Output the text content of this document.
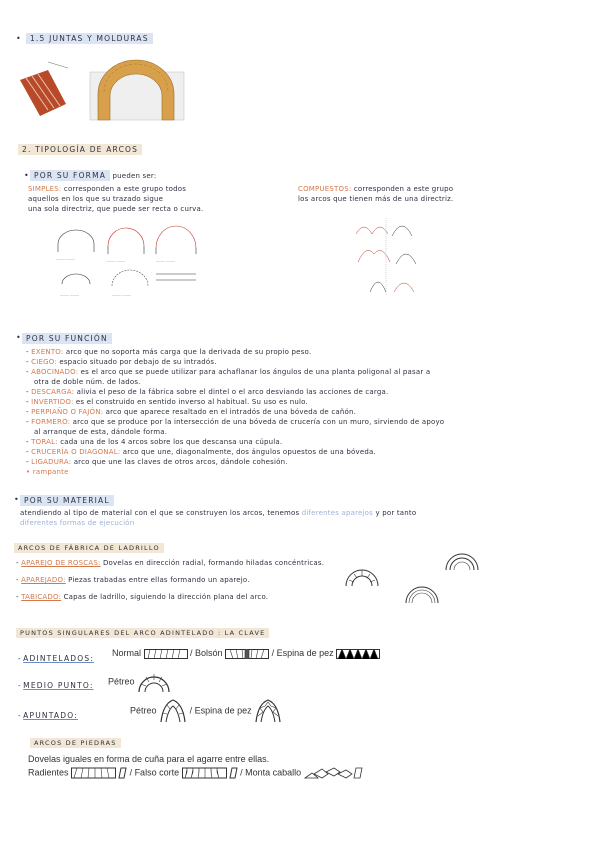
•	1.5 JUNTAS Y MOLDURAS
2. TIPOLOGÍA DE ARCOS
• POR SU FORMA pueden ser:
SIMPLES: corresponden a este grupo todos
aquellos en los que su trazado sigue
una sola directriz, que puede ser recta o curva.
COMPUESTOS: corresponden a este grupo
los arcos que tienen más de una directriz.
——— ———	——— ———	——— ———
——— ———	——— ———
• POR SU FUNCIÓN
- EXENTO: arco que no soporta más carga que la derivada de su propio peso.
- CIEGO: espacio situado por debajo de su intradós.
- ABOCINADO: es el arco que se puede utilizar para achaflanar los ángulos de una planta poligonal al pasar a
otra de doble núm. de lados.
- DESCARGA: alivia el peso de la fábrica sobre el dintel o el arco desviando las acciones de carga.
- INVERTIDO: es el construido en sentido inverso al habitual. Su uso es nulo.
- PERPIAÑO O FAJÓN: arco que aparece resaltado en el intradós de una bóveda de cañón.
- FORMERO: arco que se produce por la intersección de una bóveda de crucería con un muro, sirviendo de apoyo
al arranque de esta, dándole forma.
- TORAL: cada una de los 4 arcos sobre los que descansa una cúpula.
- CRUCERÍA O DIAGONAL: arco que une, diagonalmente, dos ángulos opuestos de una bóveda.
- LIGADURA: arco que une las claves de otros arcos, dándole cohesión.
• rampante
• POR SU MATERIAL
atendiendo al tipo de material con el que se construyen los arcos, tenemos diferentes aparejos y por tanto
diferentes formas de ejecución
ARCOS DE FÁBRICA DE LADRILLO
- APAREJO DE ROSCAS: Dovelas en dirección radial, formando hiladas concéntricas.
- APAREJADO: Piezas trabadas entre ellas formando un aparejo.
- TABICADO: Capas de ladrillo, siguiendo la dirección plana del arco.
PUNTOS SINGULARES DEL ARCO ADINTELADO : LA CLAVE
- ADINTELADOS:
Normal	/ Bolsón	/ Espina de pez
- MEDIO PUNTO: Pétreo
- APUNTADO:
Pétreo	/ Espina de pez
ARCOS DE PIEDRAS
Dovelas iguales en forma de cuña para el agarre entre ellas.
Radientes	/ Falso corte	/ Monta caballo
